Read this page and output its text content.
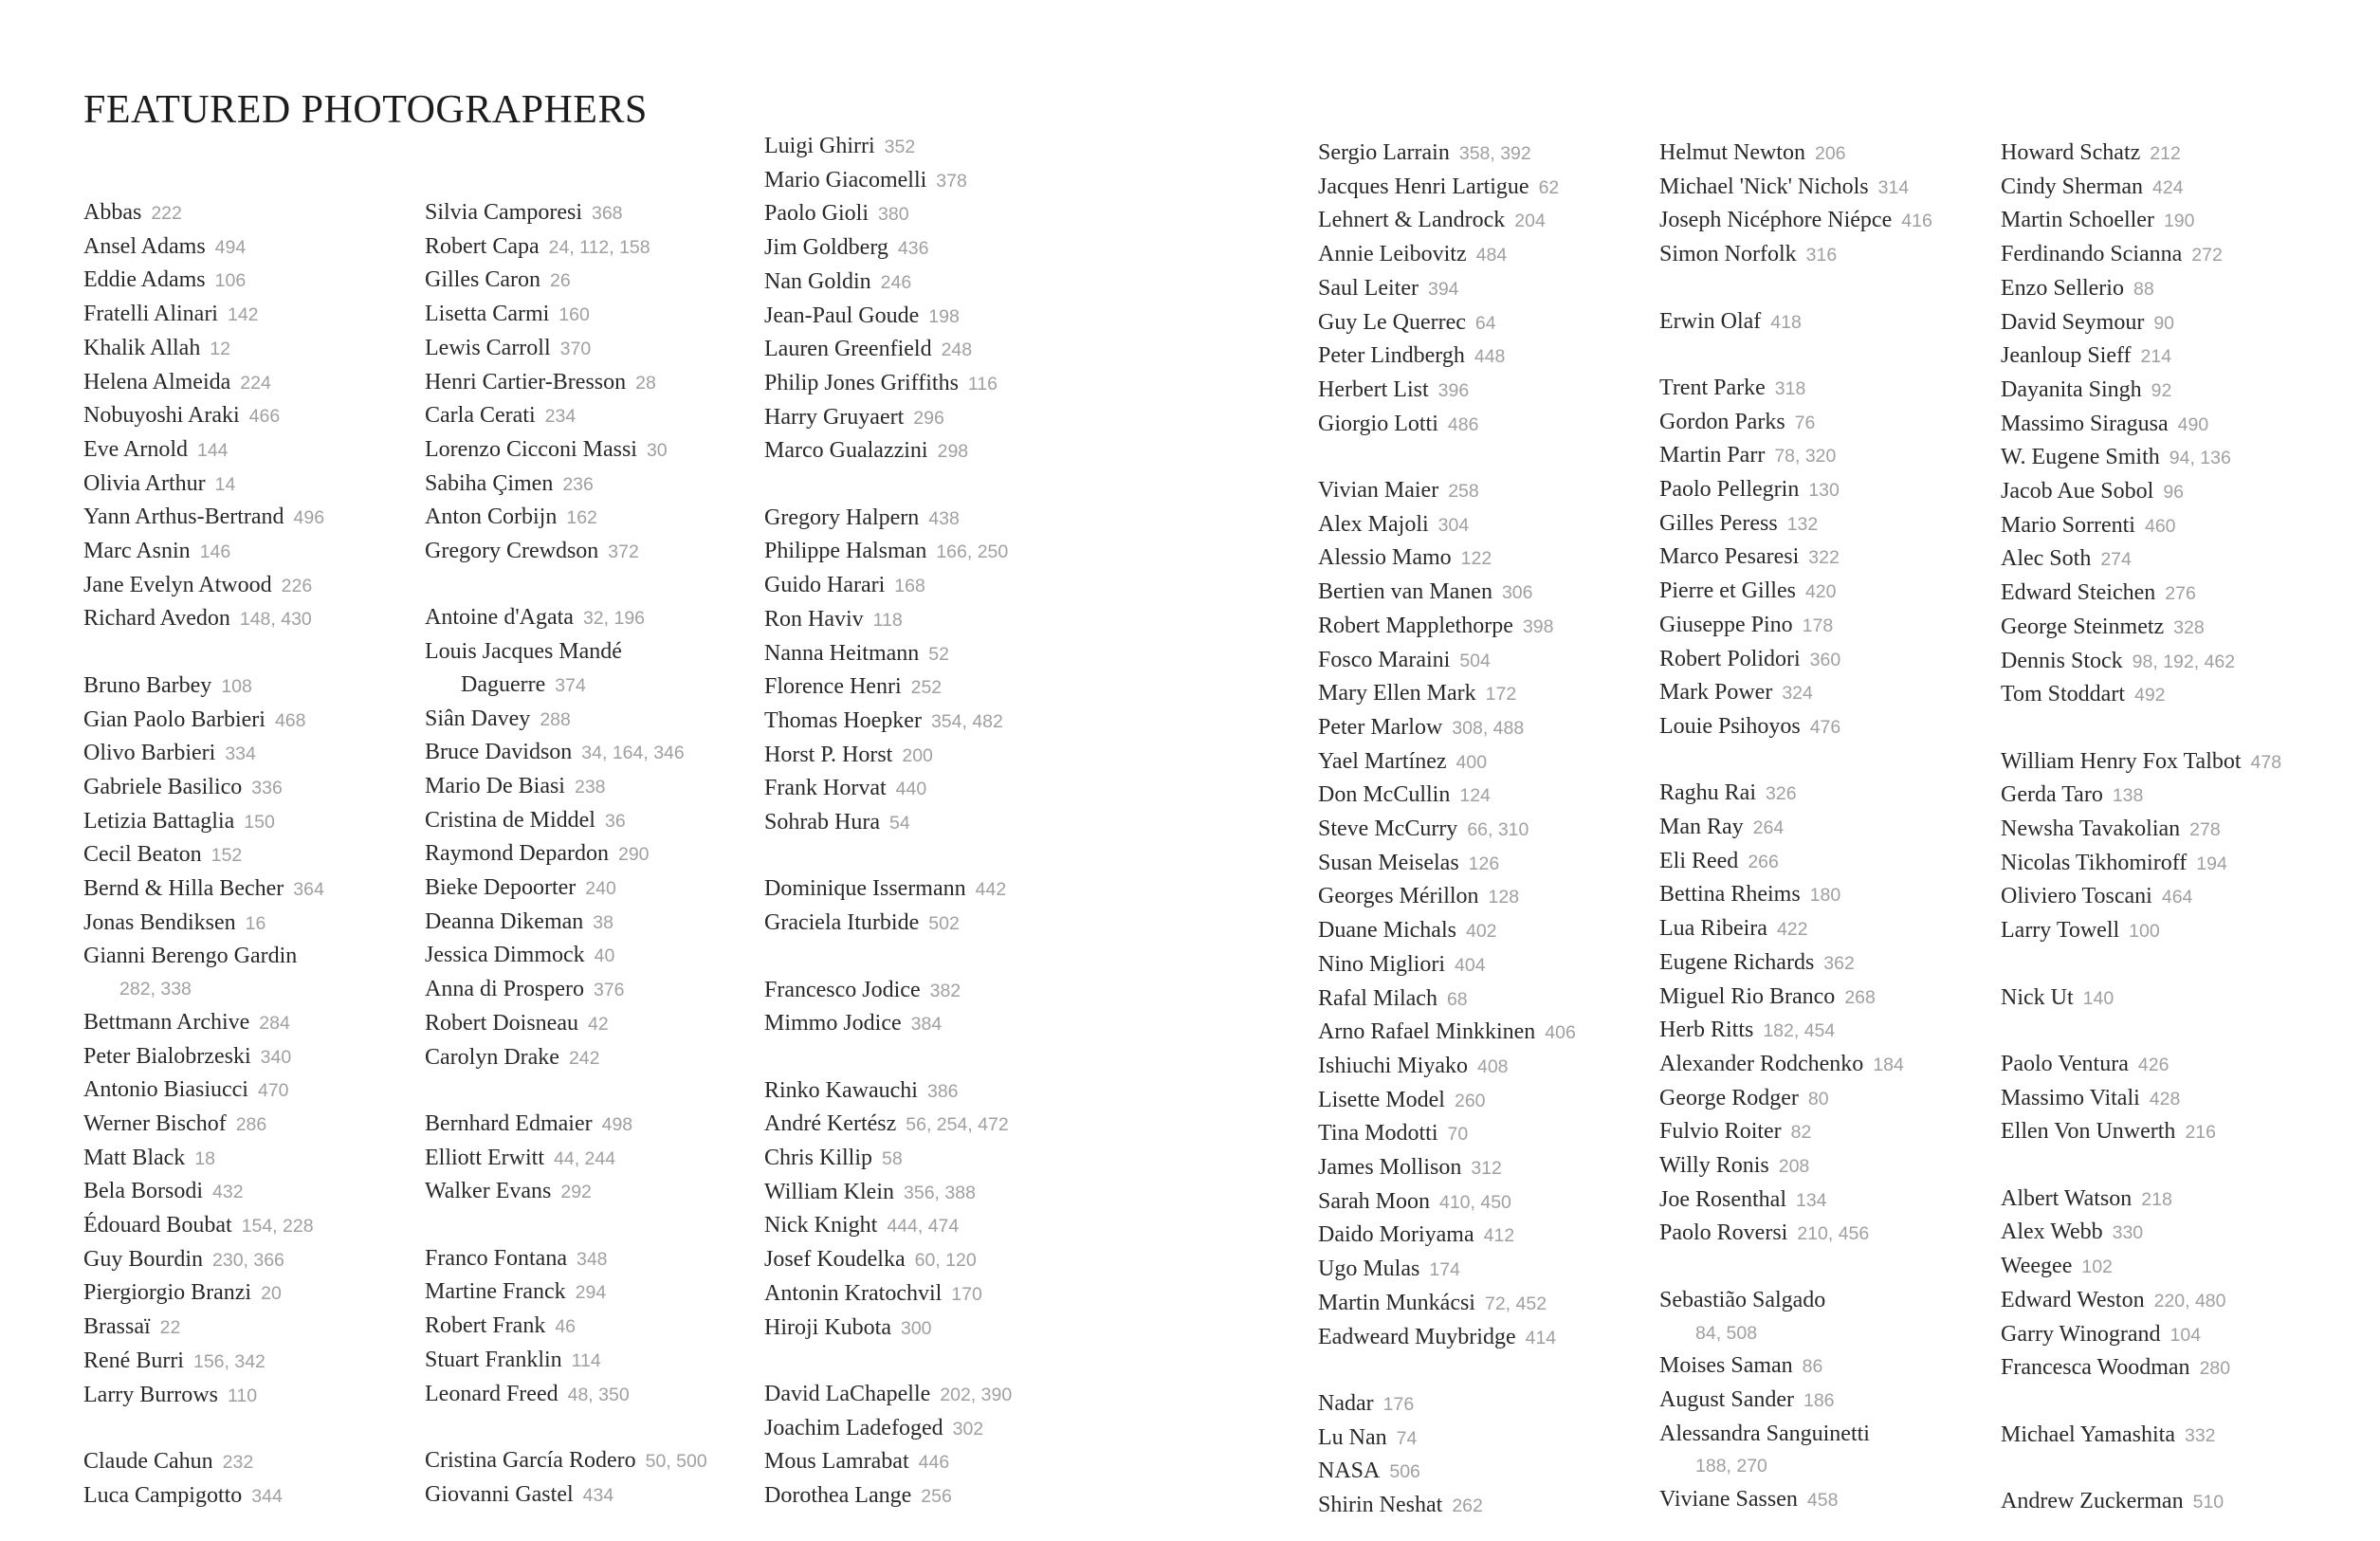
FEATURED PHOTOGRAPHERS
Abbas 222
Ansel Adams 494
Eddie Adams 106
Fratelli Alinari 142
Khalik Allah 12
Helena Almeida 224
Nobuyoshi Araki 466
Eve Arnold 144
Olivia Arthur 14
Yann Arthus-Bertrand 496
Marc Asnin 146
Jane Evelyn Atwood 226
Richard Avedon 148, 430
Bruno Barbey 108
Gian Paolo Barbieri 468
Olivo Barbieri 334
Gabriele Basilico 336
Letizia Battaglia 150
Cecil Beaton 152
Bernd & Hilla Becher 364
Jonas Bendiksen 16
Gianni Berengo Gardin
282, 338
Bettmann Archive 284
Peter Bialobrzeski 340
Antonio Biasiucci 470
Werner Bischof 286
Matt Black 18
Bela Borsodi 432
Édouard Boubat 154, 228
Guy Bourdin 230, 366
Piergiorgio Branzi 20
Brassaï 22
René Burri 156, 342
Larry Burrows 110
Claude Cahun 232
Luca Campigotto 344
Silvia Camporesi 368
Robert Capa 24, 112, 158
Gilles Caron 26
Lisetta Carmi 160
Lewis Carroll 370
Henri Cartier-Bresson 28
Carla Cerati 234
Lorenzo Cicconi Massi 30
Sabiha Çimen 236
Anton Corbijn 162
Gregory Crewdson 372
Antoine d'Agata 32, 196
Louis Jacques Mandé
Daguerre 374
Siân Davey 288
Bruce Davidson 34, 164, 346
Mario De Biasi 238
Cristina de Middel 36
Raymond Depardon 290
Bieke Depoorter 240
Deanna Dikeman 38
Jessica Dimmock 40
Anna di Prospero 376
Robert Doisneau 42
Carolyn Drake 242
Bernhard Edmaier 498
Elliott Erwitt 44, 244
Walker Evans 292
Franco Fontana 348
Martine Franck 294
Robert Frank 46
Stuart Franklin 114
Leonard Freed 48, 350
Cristina García Rodero 50, 500
Giovanni Gastel 434
Luigi Ghirri 352
Mario Giacomelli 378
Paolo Gioli 380
Jim Goldberg 436
Nan Goldin 246
Jean-Paul Goude 198
Lauren Greenfield 248
Philip Jones Griffiths 116
Harry Gruyaert 296
Marco Gualazzini 298
Gregory Halpern 438
Philippe Halsman 166, 250
Guido Harari 168
Ron Haviv 118
Nanna Heitmann 52
Florence Henri 252
Thomas Hoepker 354, 482
Horst P. Horst 200
Frank Horvat 440
Sohrab Hura 54
Dominique Issermann 442
Graciela Iturbide 502
Francesco Jodice 382
Mimmo Jodice 384
Rinko Kawauchi 386
André Kertész 56, 254, 472
Chris Killip 58
William Klein 356, 388
Nick Knight 444, 474
Josef Koudelka 60, 120
Antonin Kratochvil 170
Hiroji Kubota 300
David LaChapelle 202, 390
Joachim Ladefoged 302
Mous Lamrabat 446
Dorothea Lange 256
Sergio Larrain 358, 392
Jacques Henri Lartigue 62
Lehnert & Landrock 204
Annie Leibovitz 484
Saul Leiter 394
Guy Le Querrec 64
Peter Lindbergh 448
Herbert List 396
Giorgio Lotti 486
Vivian Maier 258
Alex Majoli 304
Alessio Mamo 122
Bertien van Manen 306
Robert Mapplethorpe 398
Fosco Maraini 504
Mary Ellen Mark 172
Peter Marlow 308, 488
Yael Martínez 400
Don McCullin 124
Steve McCurry 66, 310
Susan Meiselas 126
Georges Mérillon 128
Duane Michals 402
Nino Migliori 404
Rafal Milach 68
Arno Rafael Minkkinen 406
Ishiuchi Miyako 408
Lisette Model 260
Tina Modotti 70
James Mollison 312
Sarah Moon 410, 450
Daido Moriyama 412
Ugo Mulas 174
Martin Munkácsi 72, 452
Eadweard Muybridge 414
Nadar 176
Lu Nan 74
NASA 506
Shirin Neshat 262
Helmut Newton 206
Michael 'Nick' Nichols 314
Joseph Nicéphore Niépce 416
Simon Norfolk 316
Erwin Olaf 418
Trent Parke 318
Gordon Parks 76
Martin Parr 78, 320
Paolo Pellegrin 130
Gilles Peress 132
Marco Pesaresi 322
Pierre et Gilles 420
Giuseppe Pino 178
Robert Polidori 360
Mark Power 324
Louie Psihoyos 476
Raghu Rai 326
Man Ray 264
Eli Reed 266
Bettina Rheims 180
Lua Ribeira 422
Eugene Richards 362
Miguel Rio Branco 268
Herb Ritts 182, 454
Alexander Rodchenko 184
George Rodger 80
Fulvio Roiter 82
Willy Ronis 208
Joe Rosenthal 134
Paolo Roversi 210, 456
Sebastião Salgado
84, 508
Moises Saman 86
August Sander 186
Alessandra Sanguinetti
188, 270
Viviane Sassen 458
Howard Schatz 212
Cindy Sherman 424
Martin Schoeller 190
Ferdinando Scianna 272
Enzo Sellerio 88
David Seymour 90
Jeanloup Sieff 214
Dayanita Singh 92
Massimo Siragusa 490
W. Eugene Smith 94, 136
Jacob Aue Sobol 96
Mario Sorrenti 460
Alec Soth 274
Edward Steichen 276
George Steinmetz 328
Dennis Stock 98, 192, 462
Tom Stoddart 492
William Henry Fox Talbot 478
Gerda Taro 138
Newsha Tavakolian 278
Nicolas Tikhomiroff 194
Oliviero Toscani 464
Larry Towell 100
Nick Ut 140
Paolo Ventura 426
Massimo Vitali 428
Ellen Von Unwerth 216
Albert Watson 218
Alex Webb 330
Weegee 102
Edward Weston 220, 480
Garry Winogrand 104
Francesca Woodman 280
Michael Yamashita 332
Andrew Zuckerman 510
